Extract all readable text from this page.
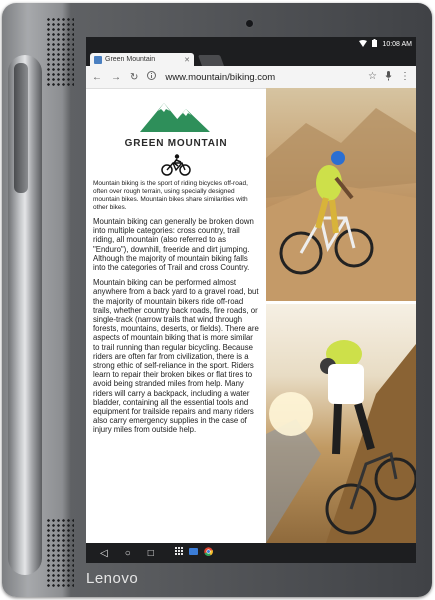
Lenovo
10:08 AM
Green Mountain	✕
← → ↻	www.mountain/biking.com	☆ ⋮
GREEN MOUNTAIN

Mountain biking is the sport of riding bicycles off-road, often over rough terrain, using specially designed mountain bikes. Mountain bikes share similarities with other bikes.

Mountain biking can generally be broken down into multiple categories: cross country, trail riding, all mountain (also referred to as "Enduro"), downhill, freeride and dirt jumping. Although the majority of mountain biking falls into the categories of Trail and cross Country.

Mountain biking can be performed almost anywhere from a back yard to a gravel road, but the majority of mountain bikers ride off-road trails, whether country back roads, fire roads, or single-track (narrow trails that wind through forests, mountains, deserts, or fields). There are aspects of mountain biking that is more similar to trail running than regular bicycling. Because riders are often far from civilization, there is a strong ethic of self-reliance in the sport. Riders learn to repair their broken bikes or flat tires to avoid being stranded miles from help. Many riders will carry a backpack, including a water bladder, containing all the essential tools and equipment for trailside repairs and many riders also carry emergency supplies in the case of injury miles from outside help.

◁ ○ □
